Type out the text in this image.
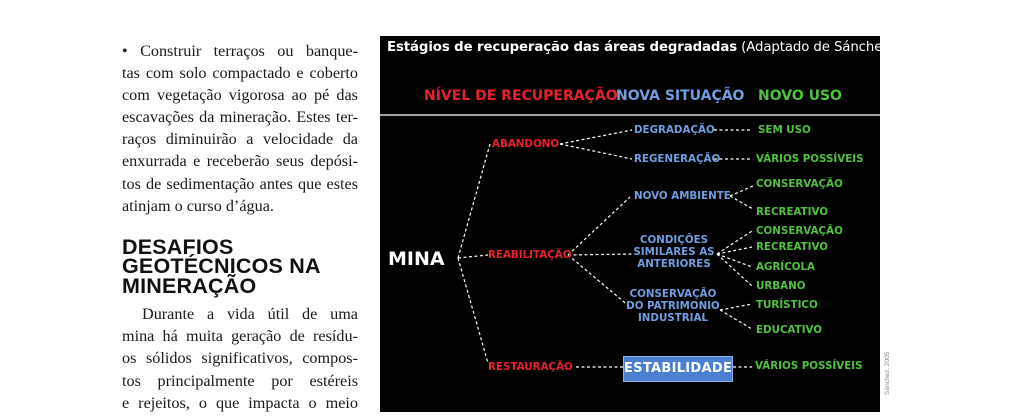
• Construir terraços ou banque-
tas com solo compactado e coberto
com vegetação vigorosa ao pé das
escavações da mineração. Estes ter-
raços diminuirão a velocidade da
enxurrada e receberão seus depósi-
tos de sedimentação antes que estes
atinjam o curso d’água.
DESAFIOS
GEOTÉCNICOS NA
MINERAÇÃO
Durante a vida útil de uma
mina há muita geração de resídu-
os sólidos significativos, compos-
tos principalmente por estéreis
e rejeitos, o que impacta o meio
Estágios de recuperação das áreas degradadas (Adaptado de Sánchez, 2005)
NÍVEL DE RECUPERAÇÃO
NOVA SITUAÇÃO NOVO USO
MINA
ABANDONO
REABILITAÇÃO
RESTAURAÇÃO
DEGRADAÇÃO
REGENERAÇÃO
NOVO AMBIENTE
CONDIÇÕES
SIMILARES AS
ANTERIORES
CONSERVAÇÃO
DO PATRIMONIO
INDUSTRIAL
ESTABILIDADE
SEM USO
VÁRIOS POSSÍVEIS
CONSERVAÇÃO
RECREATIVO
CONSERVAÇÃO
RECREATIVO
AGRÍCOLA
URBANO
TURÍSTICO
EDUCATIVO
VÁRIOS POSSÍVEIS	Sánchez, 2005
